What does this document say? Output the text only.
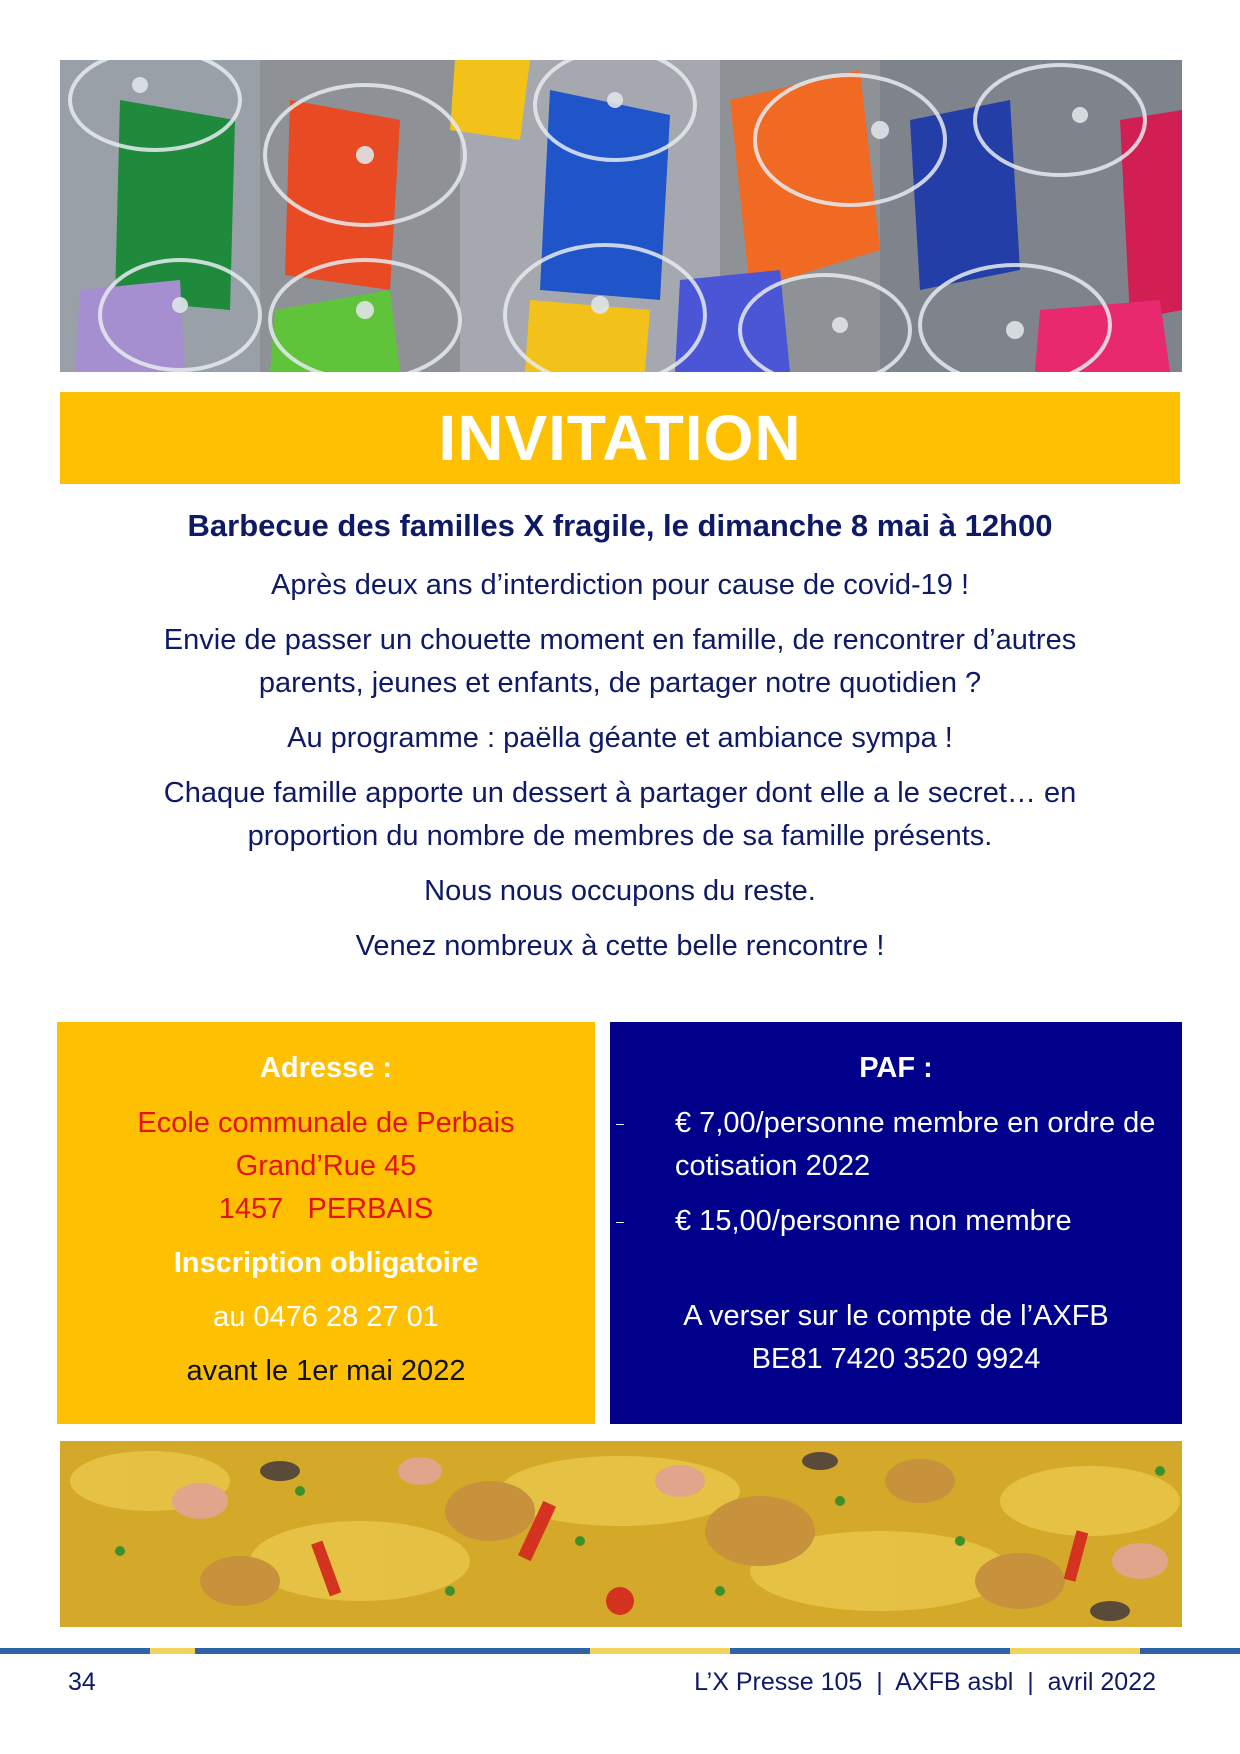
INVITATION
Barbecue des familles X fragile, le dimanche 8 mai à 12h00

Après deux ans d’interdiction pour cause de covid-19 !

Envie de passer un chouette moment en famille, de rencontrer d’autres parents, jeunes et enfants, de partager notre quotidien ?

Au programme : paëlla géante et ambiance sympa !

Chaque famille apporte un dessert à partager dont elle a le secret… en proportion du nombre de membres de sa famille présents.

Nous nous occupons du reste.

Venez nombreux à cette belle rencontre !

Adresse :
Ecole communale de Perbais
Grand’Rue 45
1457   PERBAIS
Inscription obligatoire
au 0476 28 27 01
avant le 1er mai 2022
PAF :
– € 7,00/personne membre en ordre de cotisation 2022
– € 15,00/personne non membre
A verser sur le compte de l’AXFB
BE81 7420 3520 9924
34	L’X Presse 105  |  AXFB asbl  |  avril 2022
